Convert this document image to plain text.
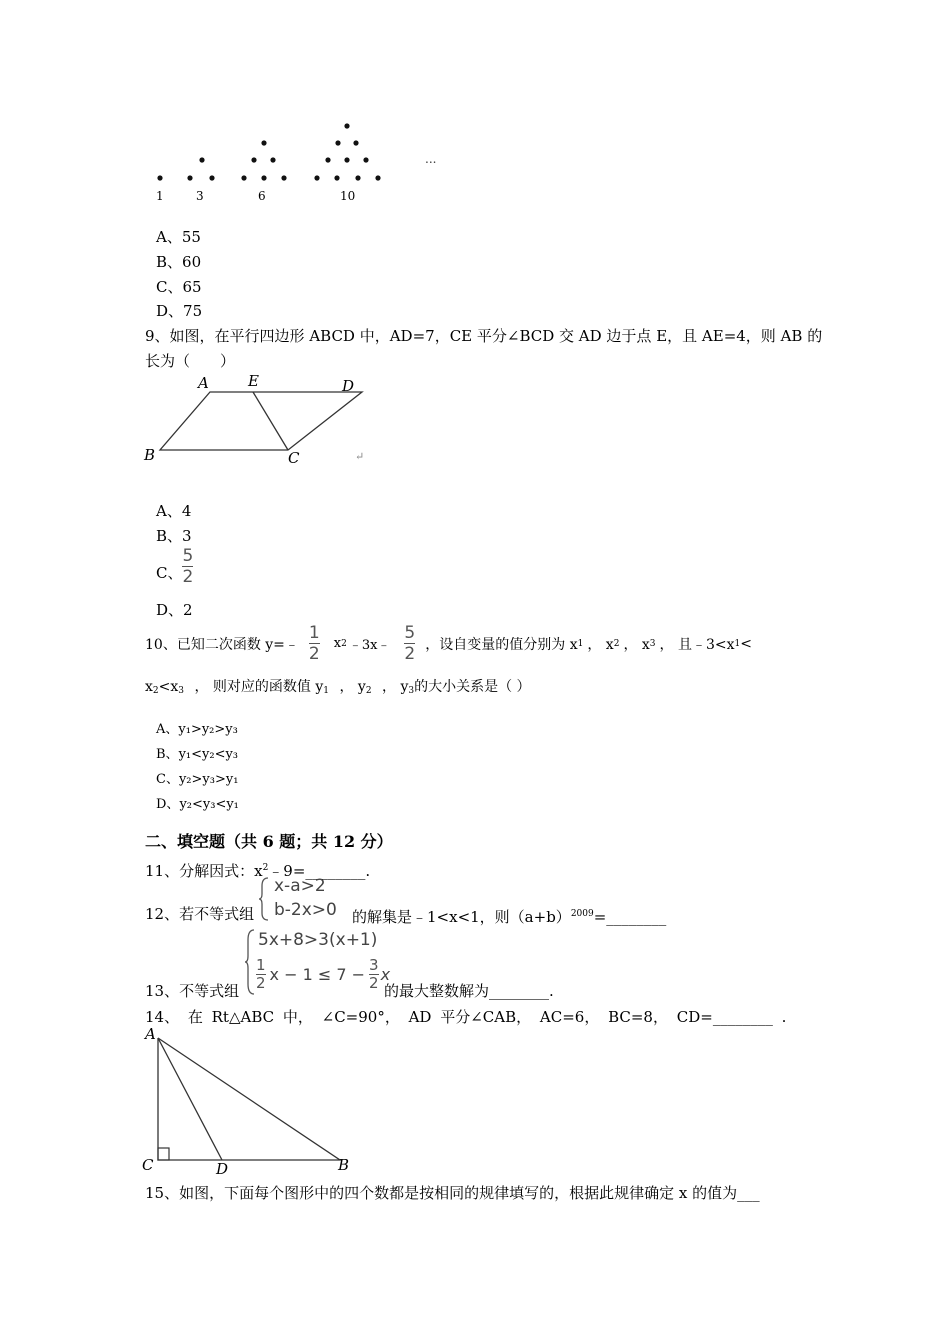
1	3	6	10
...
A、55
B、60
C、65
D、75
9、如图，在平行四边形 ABCD 中，AD=7，CE 平分∠BCD 交 AD 边于点 E，且 AE=4，则 AB 的
长为（　　）
A	E	D
B	C	↵
A、4
B、3
C、 $\frac{5}{2}$
D、2
10、已知二次函数 y=﹣ $\frac{1}{2}$ x 2 ﹣3x﹣ $\frac{5}{2}$ ，设自变量的值分别为 x 1 ， x 2 ， x 3 ， 且﹣3<x 1 <
$x_2<x_3$ ， 则对应的函数值 $y_1$ ， $y_2$ ， $y_3$的大小关系是（ ）
A、y₁>y₂>y₃
B、y₁<y₂<y₃
C、y₂>y₃>y₁
D、y₂<y₃<y₁
二、填空题（共 6 题；共 12 分）
11、分解因式：$x^2﹣9=\_\_\_\_\_\_\_\_$.
x-a>2
b-2x>0
12、若不等式组	的解集是﹣1<x<1，则$(a+b)^{2009}=\_\_\_\_\_\_\_\_$
5x+8>3(x+1)
$\frac{1}{2}$ $x - 1 \le 7 - \frac{3}{2}$ x
13、不等式组	的最大整数解为________.
14、 在 Rt△ABC 中， ∠C=90°， AD 平分∠CAB， AC=6， BC=8， CD=________ .
A
C	D	B
15、如图，下面每个图形中的四个数都是按相同的规律填写的，根据此规律确定 x 的值为___
